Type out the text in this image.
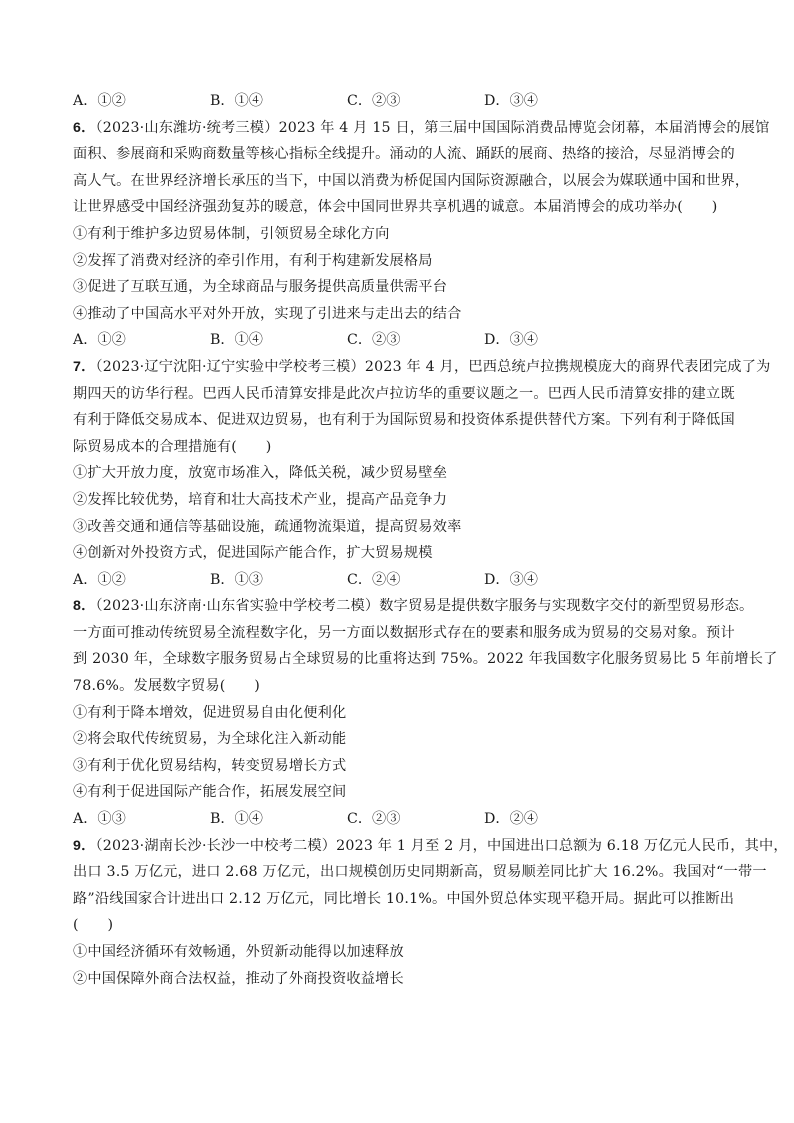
A．①②	B．①④	C．②③	D．③④
6．（2023·山东潍坊·统考三模）2023 年 4 月 15 日，第三届中国国际消费品博览会闭幕，本届消博会的展馆
面积、参展商和采购商数量等核心指标全线提升。涌动的人流、踊跃的展商、热络的接洽，尽显消博会的
高人气。在世界经济增长承压的当下，中国以消费为桥促国内国际资源融合，以展会为媒联通中国和世界，
让世界感受中国经济强劲复苏的暖意，体会中国同世界共享机遇的诚意。本届消博会的成功举办(　　)
①有利于维护多边贸易体制，引领贸易全球化方向
②发挥了消费对经济的牵引作用，有利于构建新发展格局
③促进了互联互通，为全球商品与服务提供高质量供需平台
④推动了中国高水平对外开放，实现了引进来与走出去的结合
A．①②	B．①④	C．②③	D．③④
7．（2023·辽宁沈阳·辽宁实验中学校考三模）2023 年 4 月，巴西总统卢拉携规模庞大的商界代表团完成了为
期四天的访华行程。巴西人民币清算安排是此次卢拉访华的重要议题之一。巴西人民币清算安排的建立既
有利于降低交易成本、促进双边贸易，也有利于为国际贸易和投资体系提供替代方案。下列有利于降低国
际贸易成本的合理措施有(　　)
①扩大开放力度，放宽市场准入，降低关税，减少贸易壁垒
②发挥比较优势，培育和壮大高技术产业，提高产品竞争力
③改善交通和通信等基础设施，疏通物流渠道，提高贸易效率
④创新对外投资方式，促进国际产能合作，扩大贸易规模
A．①②	B．①③	C．②④	D．③④
8．（2023·山东济南·山东省实验中学校考二模）数字贸易是提供数字服务与实现数字交付的新型贸易形态。
一方面可推动传统贸易全流程数字化，另一方面以数据形式存在的要素和服务成为贸易的交易对象。预计
到 2030 年，全球数字服务贸易占全球贸易的比重将达到 75%。2022 年我国数字化服务贸易比 5 年前增长了
78.6%。发展数字贸易(　　)
①有利于降本增效，促进贸易自由化便利化
②将会取代传统贸易，为全球化注入新动能
③有利于优化贸易结构，转变贸易增长方式
④有利于促进国际产能合作，拓展发展空间
A．①③	B．①④	C．②③	D．②④
9．（2023·湖南长沙·长沙一中校考二模）2023 年 1 月至 2 月，中国进出口总额为 6.18 万亿元人民币，其中，
出口 3.5 万亿元，进口 2.68 万亿元，出口规模创历史同期新高，贸易顺差同比扩大 16.2%。我国对“一带一
路”沿线国家合计进出口 2.12 万亿元，同比增长 10.1%。中国外贸总体实现平稳开局。据此可以推断出
(　　)
①中国经济循环有效畅通，外贸新动能得以加速释放
②中国保障外商合法权益，推动了外商投资收益增长
